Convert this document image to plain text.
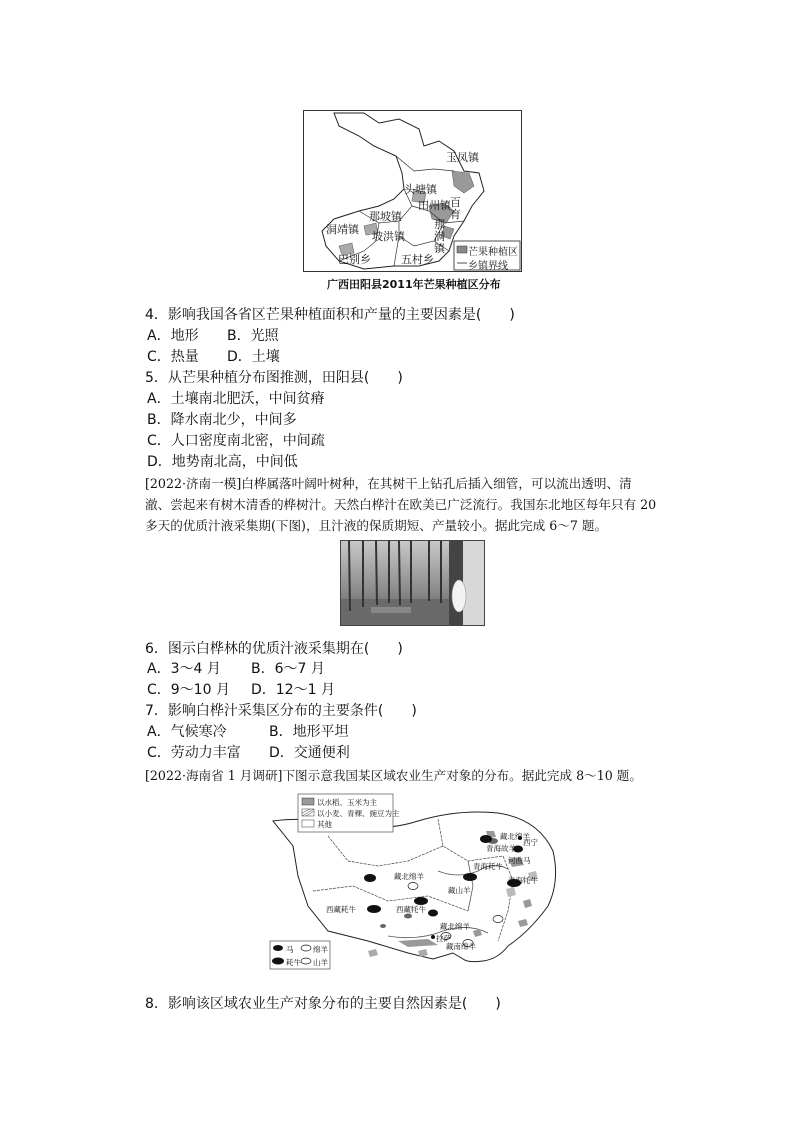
玉凤镇
头塘镇
田州镇 百育
那坡镇
坡洪镇
洞靖镇
巴别乡	五村乡
那满镇 芒果种植区
乡镇界线
广西田阳县2011年芒果种植区分布
4．影响我国各省区芒果种植面积和产量的主要因素是(　　)
A．地形 B．光照
C．热量 D．土壤
5．从芒果种植分布图推测，田阳县(　　)
A．土壤南北肥沃，中间贫瘠
B．降水南北少，中间多
C．人口密度南北密，中间疏
D．地势南北高，中间低
[2022·济南一模]白桦属落叶阔叶树种，在其树干上钻孔后插入细管，可以流出透明、清
澈、尝起来有树木清香的桦树汁。天然白桦汁在欧美已广泛流行。我国东北地区每年只有 20
多天的优质汁液采集期(下图)，且汁液的保质期短、产量较小。据此完成 6～7 题。
6．图示白桦林的优质汁液采集期在(　　)
A．3～4 月 B．6～7 月
C．9～10 月 D．12～1 月
7．影响白桦汁采集区分布的主要条件(　　)
A．气候寒冷	B．地形平坦
C．劳动力丰富 D．交通便利
[2022·海南省 1 月调研]下图示意我国某区域农业生产对象的分布。据此完成 8～10 题。
以水稻、玉米为主
以小麦、青稞、豌豆为主
其他
藏北绵羊
青海故羊
西宁
河曲马
青海耗牛
藏北绵羊	青海牦牛
藏山羊
西藏耗牛	西藏牦牛
藏北绵羊
拉萨
藏南绵羊
马	绵羊
耗牛 山羊
8．影响该区域农业生产对象分布的主要自然因素是(　　)
